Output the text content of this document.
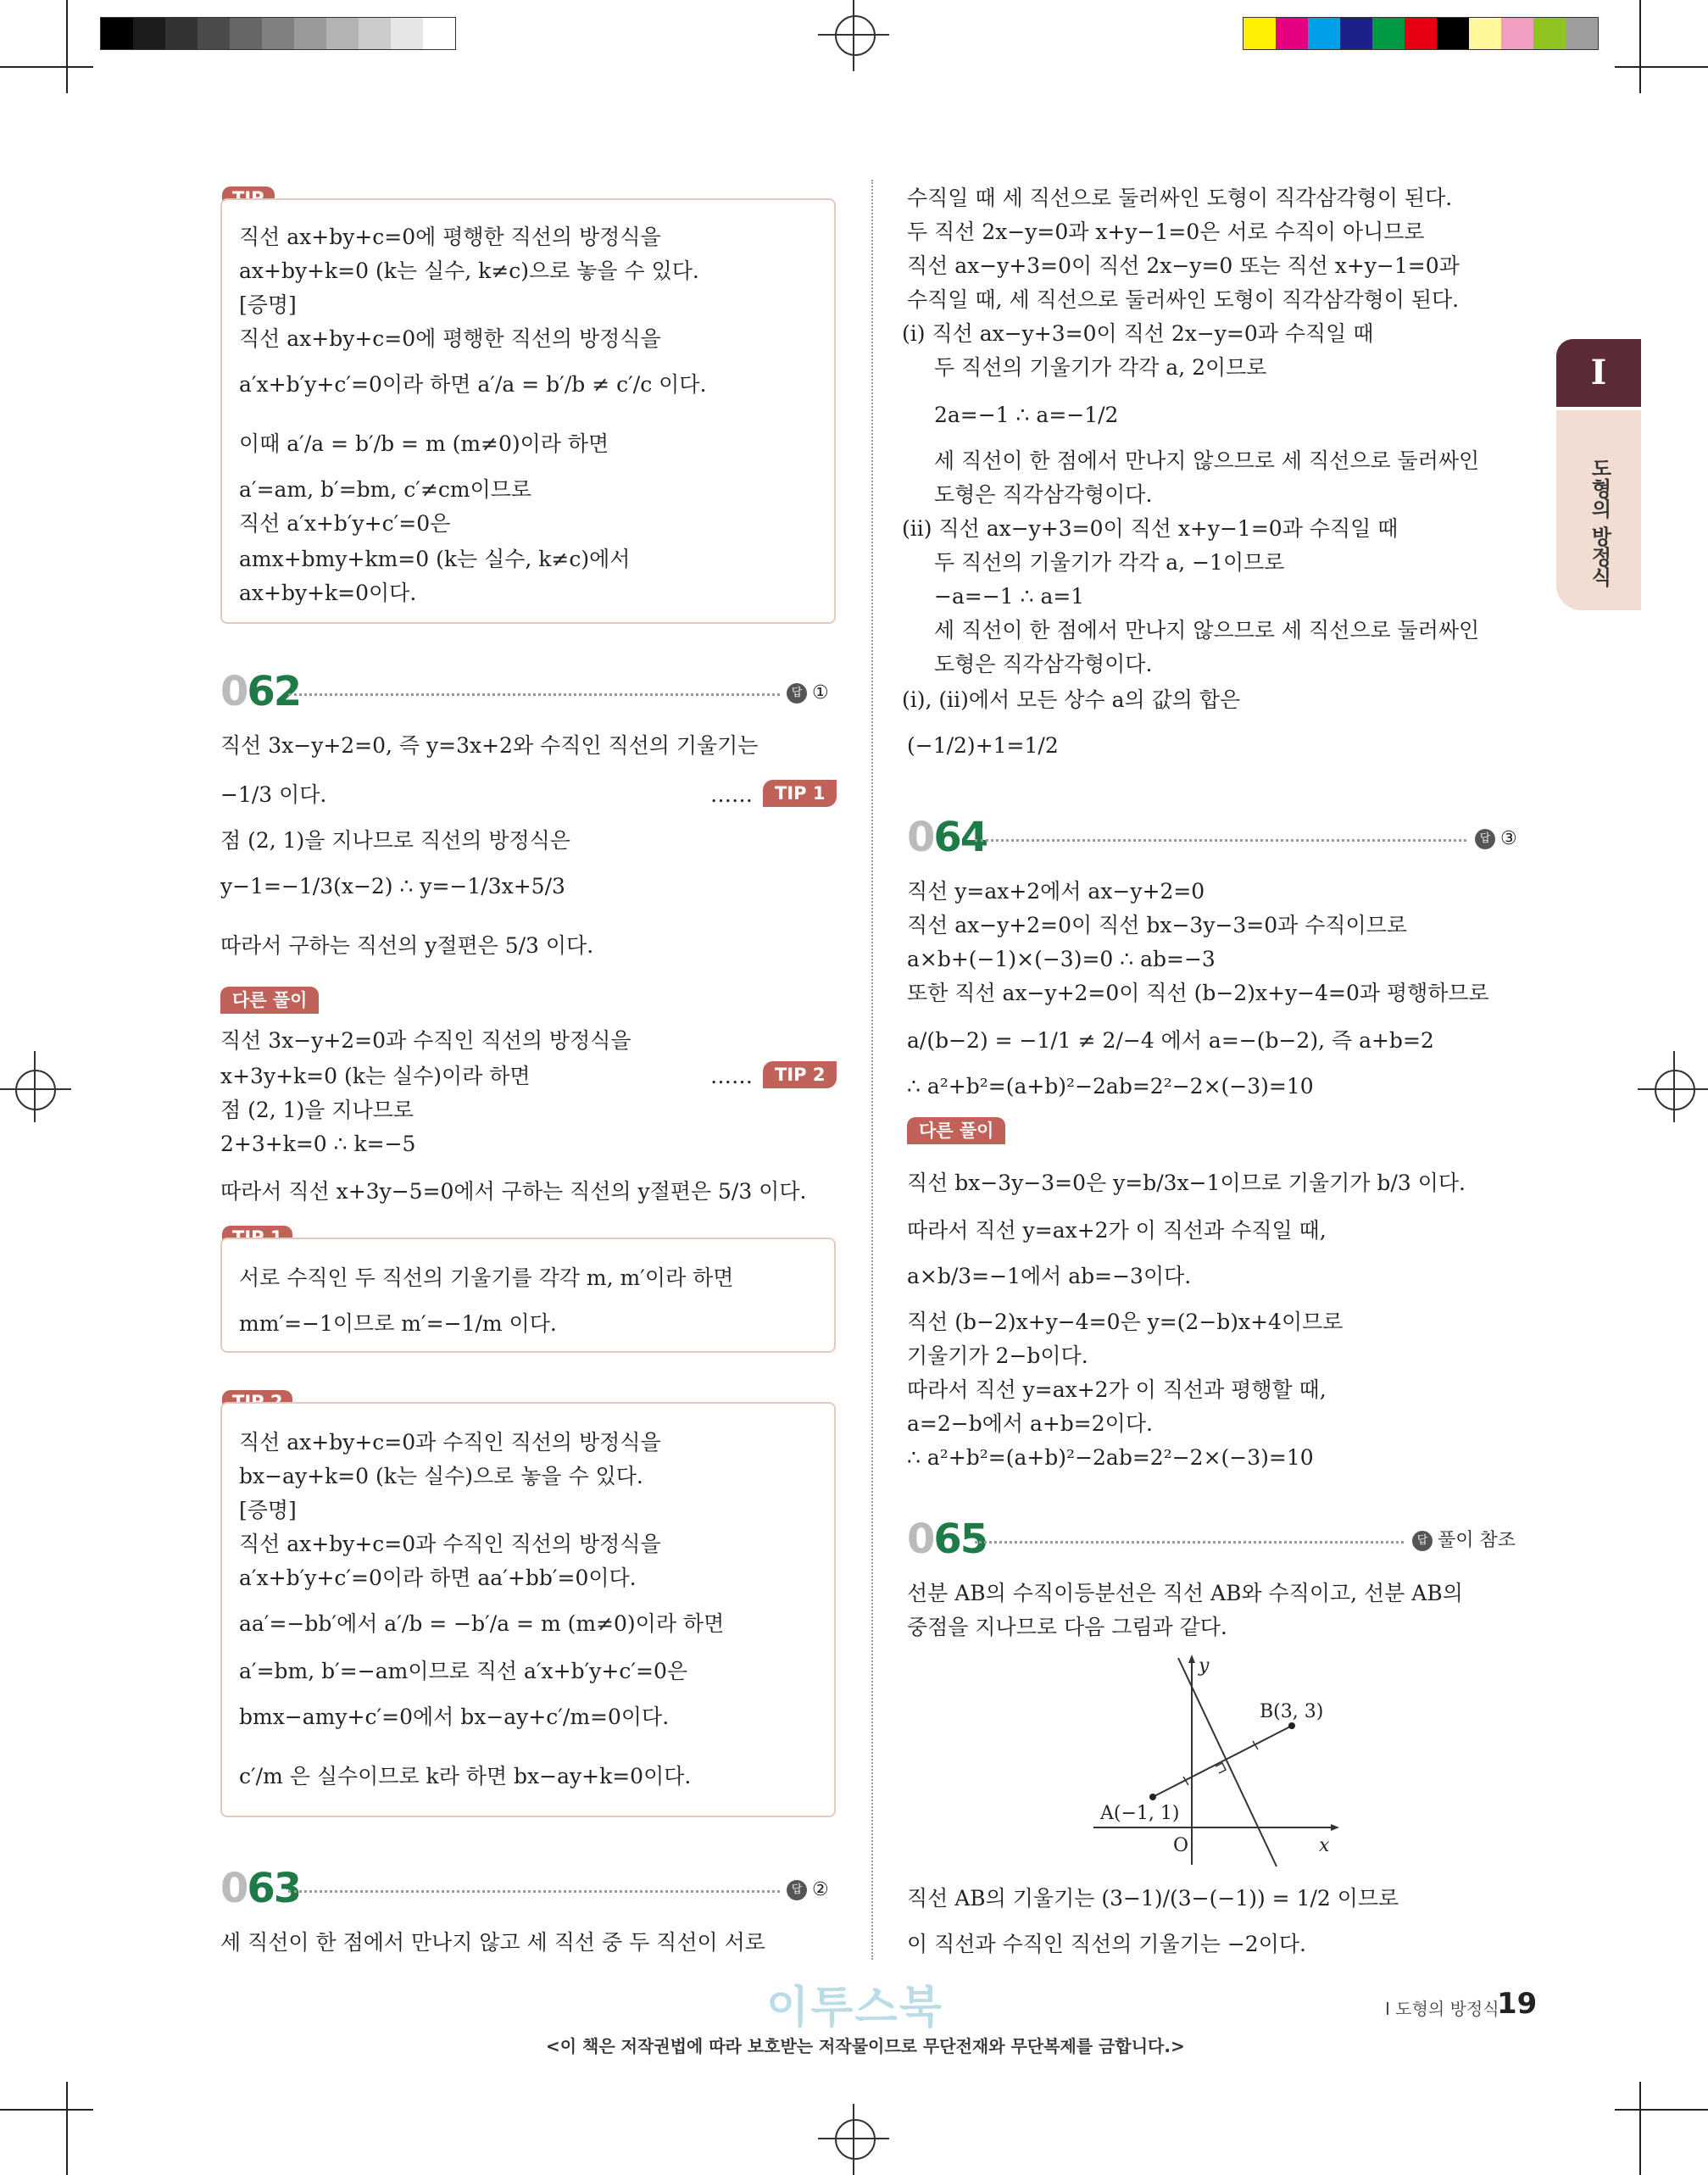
I
도형의 방정식
직선 ax+by+c=0에 평행한 직선의 방정식을
ax+by+k=0 (k는 실수, k≠c)으로 놓을 수 있다.
[증명]
직선 ax+by+c=0에 평행한 직선의 방정식을
a′x+b′y+c′=0이라 하면 a′/a = b′/b ≠ c′/c 이다.
이때 a′/a = b′/b = m (m≠0)이라 하면
a′=am, b′=bm, c′≠cm이므로
직선 a′x+b′y+c′=0은
amx+bmy+km=0 (k는 실수, k≠c)에서
ax+by+k=0이다.
062	답 ①
직선 3x−y+2=0, 즉 y=3x+2와 수직인 직선의 기울기는
−1/3 이다.	……	TIP 1
점 (2, 1)을 지나므로 직선의 방정식은
y−1=−1/3(x−2) ∴ y=−1/3x+5/3
따라서 구하는 직선의 y절편은 5/3 이다.
다른 풀이
직선 3x−y+2=0과 수직인 직선의 방정식을
x+3y+k=0 (k는 실수)이라 하면	……	TIP 2
점 (2, 1)을 지나므로
2+3+k=0 ∴ k=−5
따라서 직선 x+3y−5=0에서 구하는 직선의 y절편은 5/3 이다.
서로 수직인 두 직선의 기울기를 각각 m, m′이라 하면
mm′=−1이므로 m′=−1/m 이다.
직선 ax+by+c=0과 수직인 직선의 방정식을
bx−ay+k=0 (k는 실수)으로 놓을 수 있다.
[증명]
직선 ax+by+c=0과 수직인 직선의 방정식을
a′x+b′y+c′=0이라 하면 aa′+bb′=0이다.
aa′=−bb′에서 a′/b = −b′/a = m (m≠0)이라 하면
a′=bm, b′=−am이므로 직선 a′x+b′y+c′=0은
bmx−amy+c′=0에서 bx−ay+c′/m=0이다.
c′/m 은 실수이므로 k라 하면 bx−ay+k=0이다.
063	답 ②
세 직선이 한 점에서 만나지 않고 세 직선 중 두 직선이 서로
수직일 때 세 직선으로 둘러싸인 도형이 직각삼각형이 된다.
두 직선 2x−y=0과 x+y−1=0은 서로 수직이 아니므로
직선 ax−y+3=0이 직선 2x−y=0 또는 직선 x+y−1=0과
수직일 때, 세 직선으로 둘러싸인 도형이 직각삼각형이 된다.
(ⅰ) 직선 ax−y+3=0이 직선 2x−y=0과 수직일 때
두 직선의 기울기가 각각 a, 2이므로
2a=−1 ∴ a=−1/2
세 직선이 한 점에서 만나지 않으므로 세 직선으로 둘러싸인
도형은 직각삼각형이다.
(ⅱ) 직선 ax−y+3=0이 직선 x+y−1=0과 수직일 때
두 직선의 기울기가 각각 a, −1이므로
−a=−1 ∴ a=1
세 직선이 한 점에서 만나지 않으므로 세 직선으로 둘러싸인
도형은 직각삼각형이다.
(ⅰ), (ⅱ)에서 모든 상수 a의 값의 합은
(−1/2)+1=1/2
064	답 ③
직선 y=ax+2에서 ax−y+2=0
직선 ax−y+2=0이 직선 bx−3y−3=0과 수직이므로
a×b+(−1)×(−3)=0 ∴ ab=−3
또한 직선 ax−y+2=0이 직선 (b−2)x+y−4=0과 평행하므로
a/(b−2) = −1/1 ≠ 2/−4 에서 a=−(b−2), 즉 a+b=2
∴ a²+b²=(a+b)²−2ab=2²−2×(−3)=10
다른 풀이
직선 bx−3y−3=0은 y=b/3x−1이므로 기울기가 b/3 이다.
따라서 직선 y=ax+2가 이 직선과 수직일 때,
a×b/3=−1에서 ab=−3이다.
직선 (b−2)x+y−4=0은 y=(2−b)x+4이므로
기울기가 2−b이다.
따라서 직선 y=ax+2가 이 직선과 평행할 때,
a=2−b에서 a+b=2이다.
∴ a²+b²=(a+b)²−2ab=2²−2×(−3)=10
065	답 풀이 참조
선분 AB의 수직이등분선은 직선 AB와 수직이고, 선분 AB의
중점을 지나므로 다음 그림과 같다.
B(3, 3)
A(−1, 1)
O	x
y
직선 AB의 기울기는 (3−1)/(3−(−1)) = 1/2 이므로
이 직선과 수직인 직선의 기울기는 −2이다.
이투스북	Ⅰ 도형의 방정식
19
<이 책은 저작권법에 따라 보호받는 저작물이므로 무단전재와 무단복제를 금합니다.>
